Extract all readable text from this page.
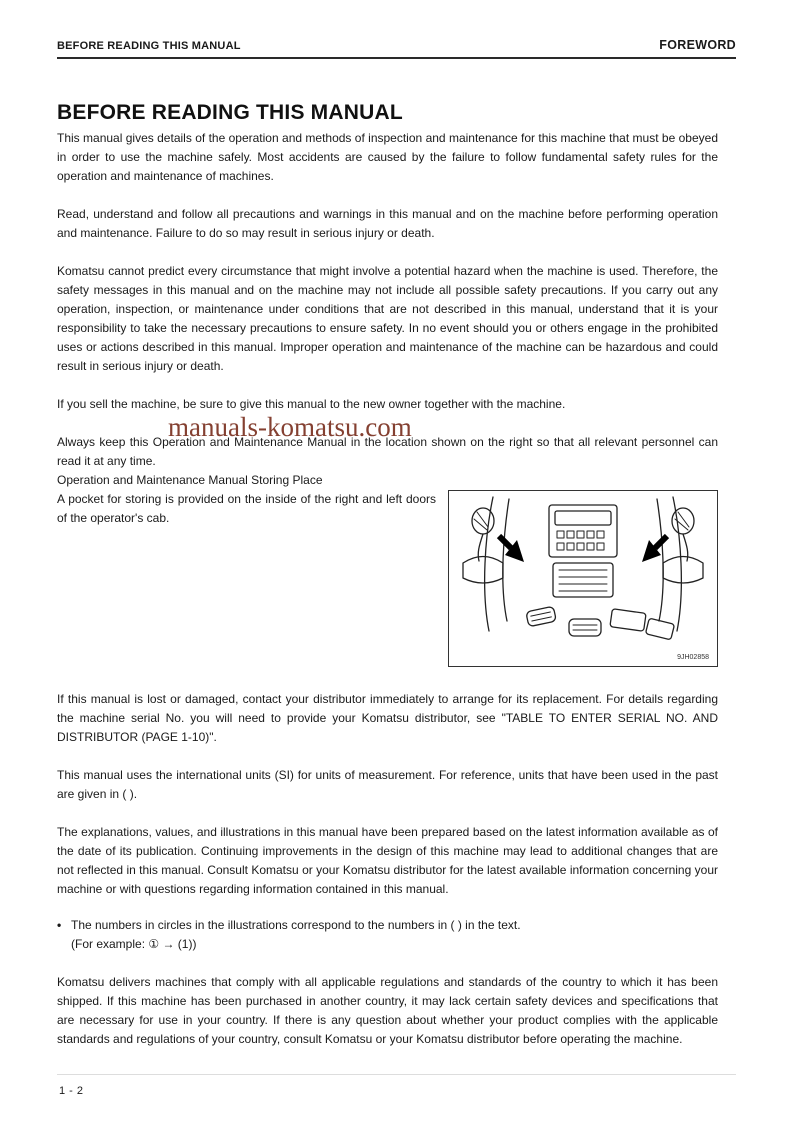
BEFORE READING THIS MANUAL	FOREWORD
BEFORE READING THIS MANUAL

This manual gives details of the operation and methods of inspection and maintenance for this machine that must be obeyed in order to use the machine safely. Most accidents are caused by the failure to follow fundamental safety rules for the operation and maintenance of machines.

Read, understand and follow all precautions and warnings in this manual and on the machine before performing operation and maintenance. Failure to do so may result in serious injury or death.

Komatsu cannot predict every circumstance that might involve a potential hazard when the machine is used. Therefore, the safety messages in this manual and on the machine may not include all possible safety precautions. If you carry out any operation, inspection, or maintenance under conditions that are not described in this manual, understand that it is your responsibility to take the necessary precautions to ensure safety. In no event should you or others engage in the prohibited uses or actions described in this manual. Improper operation and maintenance of the machine can be hazardous and could result in serious injury or death.

If you sell the machine, be sure to give this manual to the new owner together with the machine.

Always keep this Operation and Maintenance Manual in the location shown on the right so that all relevant personnel can read it at any time.

Operation and Maintenance Manual Storing Place

9JH02858

A pocket for storing is provided on the inside of the right and left doors of the operator's cab.

If this manual is lost or damaged, contact your distributor immediately to arrange for its replacement. For details regarding the machine serial No. you will need to provide your Komatsu distributor, see "TABLE TO ENTER SERIAL NO. AND DISTRIBUTOR (PAGE 1-10)".

This manual uses the international units (SI) for units of measurement. For reference, units that have been used in the past are given in ( ).

The explanations, values, and illustrations in this manual have been prepared based on the latest information available as of the date of its publication. Continuing improvements in the design of this machine may lead to additional changes that are not reflected in this manual. Consult Komatsu or your Komatsu distributor for the latest available information concerning your machine or with questions regarding information contained in this manual.

• The numbers in circles in the illustrations correspond to the numbers in ( ) in the text.
(For example: ① → (1))

Komatsu delivers machines that comply with all applicable regulations and standards of the country to which it has been shipped. If this machine has been purchased in another country, it may lack certain safety devices and specifications that are necessary for use in your country. If there is any question about whether your product complies with the applicable standards and regulations of your country, consult Komatsu or your Komatsu distributor before operating the machine.

manuals-komatsu.com
1 - 2
